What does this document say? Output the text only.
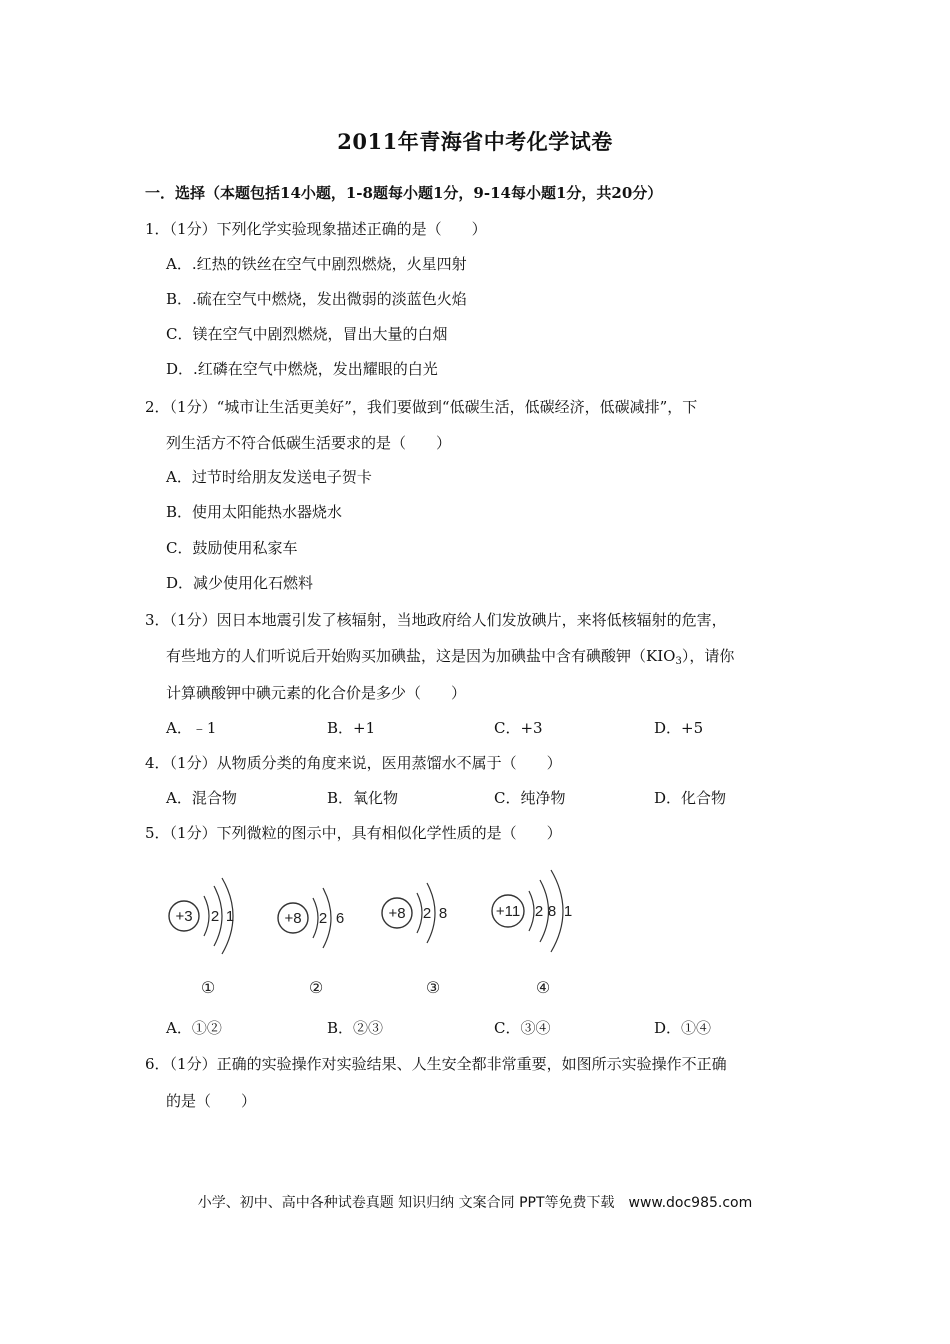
2011年青海省中考化学试卷
一．选择（本题包括14小题，1-8题每小题1分，9-14每小题1分，共20分）
1．（1分）下列化学实验现象描述正确的是（　　）
A．.红热的铁丝在空气中剧烈燃烧，火星四射
B．.硫在空气中燃烧，发出微弱的淡蓝色火焰
C．镁在空气中剧烈燃烧，冒出大量的白烟
D．.红磷在空气中燃烧，发出耀眼的白光
2．（1分）“城市让生活更美好”，我们要做到“低碳生活，低碳经济，低碳减排”，下
列生活方不符合低碳生活要求的是（　　）
A．过节时给朋友发送电子贺卡
B．使用太阳能热水器烧水
C．鼓励使用私家车
D．减少使用化石燃料
3．（1分）因日本地震引发了核辐射，当地政府给人们发放碘片，来将低核辐射的危害，
有些地方的人们听说后开始购买加碘盐，这是因为加碘盐中含有碘酸钾$(KIO_3)$，请你
计算碘酸钾中碘元素的化合价是多少（　　）
A．﹣1	B．+1	C．+3	D．+5
4．（1分）从物质分类的角度来说，医用蒸馏水不属于（　　）
A．混合物	B．氧化物	C．纯净物	D．化合物
5．（1分）下列微粒的图示中，具有相似化学性质的是（　　）
+3 2 1
①
+8 2 6
②
+8 2 8
③
+11 2 8 1
④
A．①②	B．②③	C．③④	D．①④
6．（1分）正确的实验操作对实验结果、人生安全都非常重要，如图所示实验操作不正确
的是（　　）
小学、初中、高中各种试卷真题 知识归纳 文案合同 PPT等免费下载　www.doc985.com
